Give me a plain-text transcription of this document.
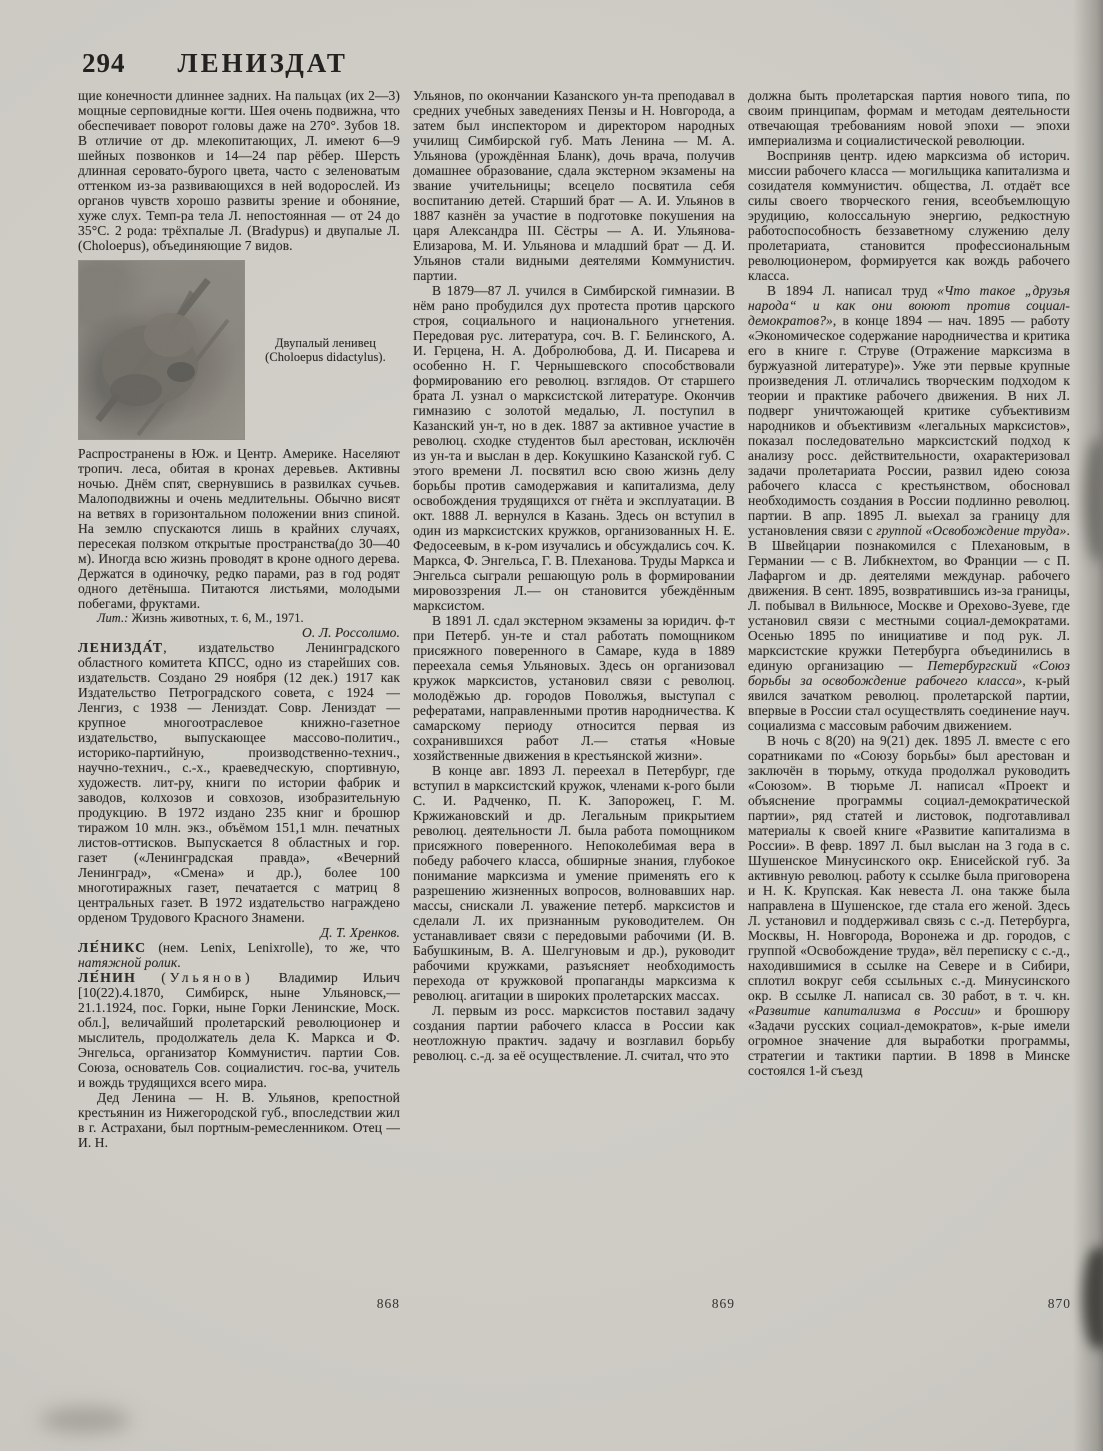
294 ЛЕНИЗДАТ

щие конечности длиннее задних. На пальцах (их 2—3) мощные серповидные когти. Шея очень подвижна, что обеспечивает поворот головы даже на 270°. Зубов 18. В отличие от др. млекопитающих, Л. имеют 6—9 шейных позвонков и 14—24 пар рёбер. Шерсть длинная серовато-бурого цвета, часто с зеленоватым оттенком из-за развивающихся в ней водорослей. Из органов чувств хорошо развиты зрение и обоняние, хуже слух. Темп-ра тела Л. непостоянная — от 24 до 35°С. 2 рода: трёхпалые Л. (Bradypus) и двупалые Л. (Choloepus), объединяющие 7 видов.

Двупалый ленивец (Choloepus didactylus).

Распространены в Юж. и Центр. Америке. Населяют тропич. леса, обитая в кронах деревьев. Активны ночью. Днём спят, свернувшись в развилках сучьев. Малоподвижны и очень медлительны. Обычно висят на ветвях в горизонтальном положении вниз спиной. На землю спускаются лишь в крайних случаях, пересекая ползком открытые пространства(до 30—40 м). Иногда всю жизнь проводят в кроне одного дерева. Держатся в одиночку, редко парами, раз в год родят одного детёныша. Питаются листьями, молодыми побегами, фруктами.

Лит.: Жизнь животных, т. 6, М., 1971.

О. Л. Россолимо.

ЛЕНИЗДА́Т, издательство Ленинградского областного комитета КПСС, одно из старейших сов. издательств. Создано 29 ноября (12 дек.) 1917 как Издательство Петроградского совета, с 1924 — Ленгиз, с 1938 — Лениздат. Совр. Лениздат — крупное многоотраслевое книжно-газетное издательство, выпускающее массово-политич., историко-партийную, производственно-технич., научно-технич., с.-х., краеведческую, спортивную, художеств. лит-ру, книги по истории фабрик и заводов, колхозов и совхозов, изобразительную продукцию. В 1972 издано 235 книг и брошюр тиражом 10 млн. экз., объёмом 151,1 млн. печатных листов-оттисков. Выпускается 8 областных и гор. газет («Ленинградская правда», «Вечерний Ленинград», «Смена» и др.), более 100 многотиражных газет, печатается с матриц 8 центральных газет. В 1972 издательство награждено орденом Трудового Красного Знамени.

Д. Т. Хренков.

ЛЕ́НИКС (нем. Lenix, Lenixrolle), то же, что натяжной ролик.

ЛЕ́НИН (Ульянов) Владимир Ильич [10(22).4.1870, Симбирск, ныне Ульяновск,— 21.1.1924, пос. Горки, ныне Горки Ленинские, Моск. обл.], величайший пролетарский революционер и мыслитель, продолжатель дела К. Маркса и Ф. Энгельса, организатор Коммунистич. партии Сов. Союза, основатель Сов. социалистич. гос-ва, учитель и вождь трудящихся всего мира.

Дед Ленина — Н. В. Ульянов, крепостной крестьянин из Нижегородской губ., впоследствии жил в г. Астрахани, был портным-ремесленником. Отец — И. Н.

Ульянов, по окончании Казанского ун-та преподавал в средних учебных заведениях Пензы и Н. Новгорода, а затем был инспектором и директором народных училищ Симбирской губ. Мать Ленина — М. А. Ульянова (урождённая Бланк), дочь врача, получив домашнее образование, сдала экстерном экзамены на звание учительницы; всецело посвятила себя воспитанию детей. Старший брат — А. И. Ульянов в 1887 казнён за участие в подготовке покушения на царя Александра III. Сёстры — А. И. Ульянова-Елизарова, М. И. Ульянова и младший брат — Д. И. Ульянов стали видными деятелями Коммунистич. партии.

В 1879—87 Л. учился в Симбирской гимназии. В нём рано пробудился дух протеста против царского строя, социального и национального угнетения. Передовая рус. литература, соч. В. Г. Белинского, А. И. Герцена, Н. А. Добролюбова, Д. И. Писарева и особенно Н. Г. Чернышевского способствовали формированию его революц. взглядов. От старшего брата Л. узнал о марксистской литературе. Окончив гимназию с золотой медалью, Л. поступил в Казанский ун-т, но в дек. 1887 за активное участие в революц. сходке студентов был арестован, исключён из ун-та и выслан в дер. Кокушкино Казанской губ. С этого времени Л. посвятил всю свою жизнь делу борьбы против самодержавия и капитализма, делу освобождения трудящихся от гнёта и эксплуатации. В окт. 1888 Л. вернулся в Казань. Здесь он вступил в один из марксистских кружков, организованных Н. Е. Федосеевым, в к-ром изучались и обсуждались соч. К. Маркса, Ф. Энгельса, Г. В. Плеханова. Труды Маркса и Энгельса сыграли решающую роль в формировании мировоззрения Л.— он становится убеждённым марксистом.

В 1891 Л. сдал экстерном экзамены за юридич. ф-т при Петерб. ун-те и стал работать помощником присяжного поверенного в Самаре, куда в 1889 переехала семья Ульяновых. Здесь он организовал кружок марксистов, установил связи с революц. молодёжью др. городов Поволжья, выступал с рефератами, направленными против народничества. К самарскому периоду относится первая из сохранившихся работ Л.— статья «Новые хозяйственные движения в крестьянской жизни».

В конце авг. 1893 Л. переехал в Петербург, где вступил в марксистский кружок, членами к-рого были С. И. Радченко, П. К. Запорожец, Г. М. Кржижановский и др. Легальным прикрытием революц. деятельности Л. была работа помощником присяжного поверенного. Непоколебимая вера в победу рабочего класса, обширные знания, глубокое понимание марксизма и умение применять его к разрешению жизненных вопросов, волновавших нар. массы, снискали Л. уважение петерб. марксистов и сделали Л. их признанным руководителем. Он устанавливает связи с передовыми рабочими (И. В. Бабушкиным, В. А. Шелгуновым и др.), руководит рабочими кружками, разъясняет необходимость перехода от кружковой пропаганды марксизма к революц. агитации в широких пролетарских массах.

Л. первым из росс. марксистов поставил задачу создания партии рабочего класса в России как неотложную практич. задачу и возглавил борьбу революц. с.-д. за её осуществление. Л. считал, что это

должна быть пролетарская партия нового типа, по своим принципам, формам и методам деятельности отвечающая требованиям новой эпохи — эпохи империализма и социалистической революции.

Восприняв центр. идею марксизма об историч. миссии рабочего класса — могильщика капитализма и созидателя коммунистич. общества, Л. отдаёт все силы своего творческого гения, всеобъемлющую эрудицию, колоссальную энергию, редкостную работоспособность беззаветному служению делу пролетариата, становится профессиональным революционером, формируется как вождь рабочего класса.

В 1894 Л. написал труд «Что такое „друзья народа“ и как они воюют против социал-демократов?», в конце 1894 — нач. 1895 — работу «Экономическое содержание народничества и критика его в книге г. Струве (Отражение марксизма в буржуазной литературе)». Уже эти первые крупные произведения Л. отличались творческим подходом к теории и практике рабочего движения. В них Л. подверг уничтожающей критике субъективизм народников и объективизм «легальных марксистов», показал последовательно марксистский подход к анализу росс. действительности, охарактеризовал задачи пролетариата России, развил идею союза рабочего класса с крестьянством, обосновал необходимость создания в России подлинно революц. партии. В апр. 1895 Л. выехал за границу для установления связи с группой «Освобождение труда». В Швейцарии познакомился с Плехановым, в Германии — с В. Либкнехтом, во Франции — с П. Лафаргом и др. деятелями междунар. рабочего движения. В сент. 1895, возвратившись из-за границы, Л. побывал в Вильнюсе, Москве и Орехово-Зуеве, где установил связи с местными социал-демократами. Осенью 1895 по инициативе и под рук. Л. марксистские кружки Петербурга объединились в единую организацию — Петербургский «Союз борьбы за освобождение рабочего класса», к-рый явился зачатком революц. пролетарской партии, впервые в России стал осуществлять соединение науч. социализма с массовым рабочим движением.

В ночь с 8(20) на 9(21) дек. 1895 Л. вместе с его соратниками по «Союзу борьбы» был арестован и заключён в тюрьму, откуда продолжал руководить «Союзом». В тюрьме Л. написал «Проект и объяснение программы социал-демократической партии», ряд статей и листовок, подготавливал материалы к своей книге «Развитие капитализма в России». В февр. 1897 Л. был выслан на 3 года в с. Шушенское Минусинского окр. Енисейской губ. За активную революц. работу к ссылке была приговорена и Н. К. Крупская. Как невеста Л. она также была направлена в Шушенское, где стала его женой. Здесь Л. установил и поддерживал связь с с.-д. Петербурга, Москвы, Н. Новгорода, Воронежа и др. городов, с группой «Освобождение труда», вёл переписку с с.-д., находившимися в ссылке на Севере и в Сибири, сплотил вокруг себя ссыльных с.-д. Минусинского окр. В ссылке Л. написал св. 30 работ, в т. ч. кн. «Развитие капитализма в России» и брошюру «Задачи русских социал-демократов», к-рые имели огромное значение для выработки программы, стратегии и тактики партии. В 1898 в Минске состоялся 1-й съезд

868	869	870
